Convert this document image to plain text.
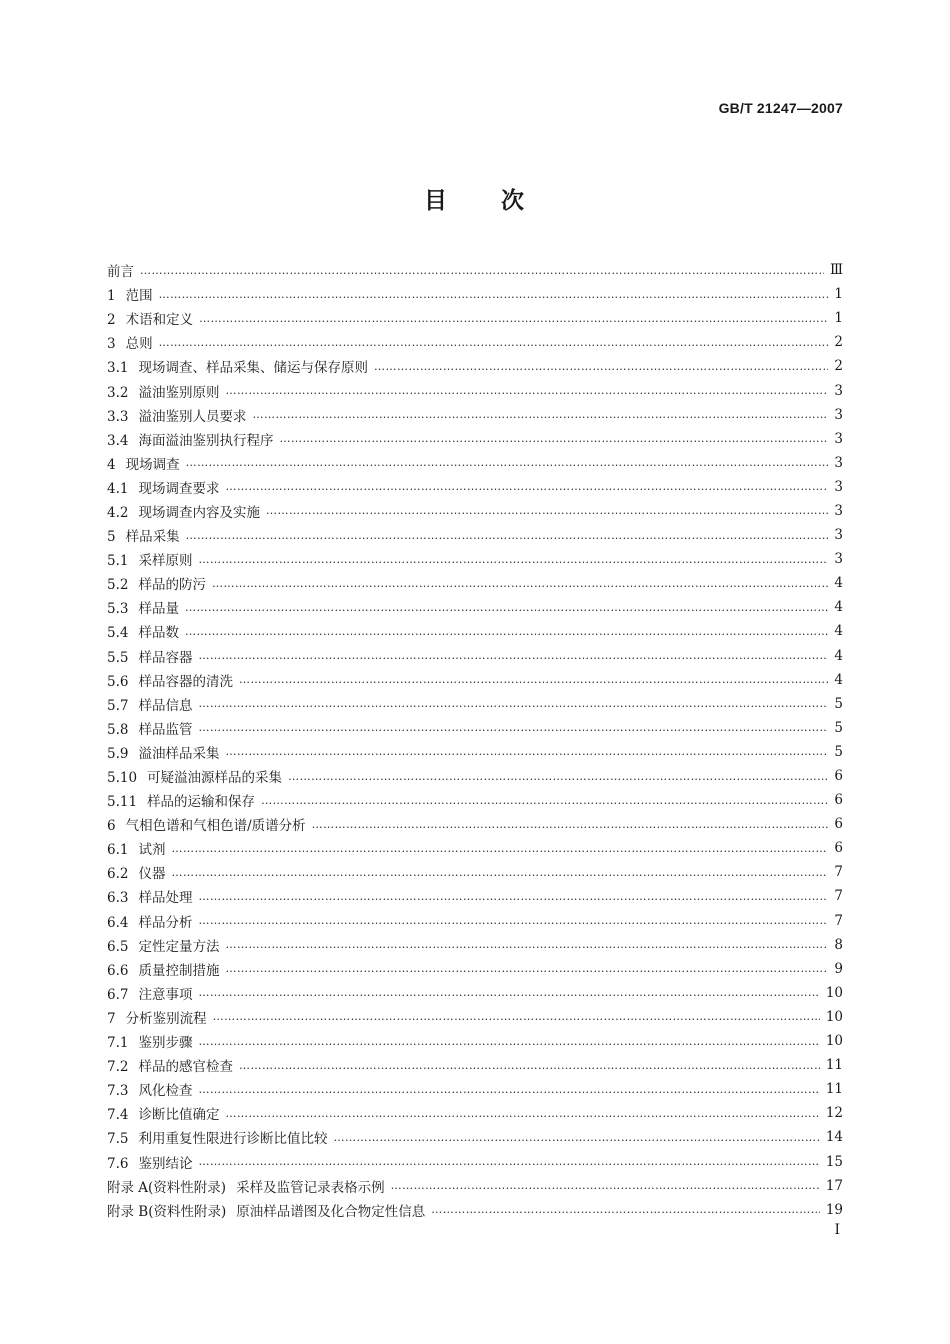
GB/T 21247—2007
目 次
前言 ……………………………………………………………………………………………………………………………………………………………………………………………………………………	Ⅲ
1 范围 ……………………………………………………………………………………………………………………………………………………………………………………………………………………	1
2 术语和定义 ……………………………………………………………………………………………………………………………………………………………………………………………………………………	1
3 总则 ……………………………………………………………………………………………………………………………………………………………………………………………………………………	2
3.1 现场调查、样品采集、储运与保存原则 ……………………………………………………………………………………………………………………………………………………………………………………………………………………	2
3.2 溢油鉴别原则 ……………………………………………………………………………………………………………………………………………………………………………………………………………………	3
3.3 溢油鉴别人员要求 ……………………………………………………………………………………………………………………………………………………………………………………………………………………	3
3.4 海面溢油鉴别执行程序 ……………………………………………………………………………………………………………………………………………………………………………………………………………………	3
4 现场调查 ……………………………………………………………………………………………………………………………………………………………………………………………………………………	3
4.1 现场调查要求 ……………………………………………………………………………………………………………………………………………………………………………………………………………………	3
4.2 现场调查内容及实施 ……………………………………………………………………………………………………………………………………………………………………………………………………………………	3
5 样品采集 ……………………………………………………………………………………………………………………………………………………………………………………………………………………	3
5.1 采样原则 ……………………………………………………………………………………………………………………………………………………………………………………………………………………	3
5.2 样品的防污 ……………………………………………………………………………………………………………………………………………………………………………………………………………………	4
5.3 样品量 ……………………………………………………………………………………………………………………………………………………………………………………………………………………	4
5.4 样品数 ……………………………………………………………………………………………………………………………………………………………………………………………………………………	4
5.5 样品容器 ……………………………………………………………………………………………………………………………………………………………………………………………………………………	4
5.6 样品容器的清洗 ……………………………………………………………………………………………………………………………………………………………………………………………………………………	4
5.7 样品信息 ……………………………………………………………………………………………………………………………………………………………………………………………………………………	5
5.8 样品监管 ……………………………………………………………………………………………………………………………………………………………………………………………………………………	5
5.9 溢油样品采集 ……………………………………………………………………………………………………………………………………………………………………………………………………………………	5
5.10 可疑溢油源样品的采集 ……………………………………………………………………………………………………………………………………………………………………………………………………………………	6
5.11 样品的运输和保存 ……………………………………………………………………………………………………………………………………………………………………………………………………………………	6
6 气相色谱和气相色谱/质谱分析 ……………………………………………………………………………………………………………………………………………………………………………………………………………………	6
6.1 试剂 ……………………………………………………………………………………………………………………………………………………………………………………………………………………	6
6.2 仪器 ……………………………………………………………………………………………………………………………………………………………………………………………………………………	7
6.3 样品处理 ……………………………………………………………………………………………………………………………………………………………………………………………………………………	7
6.4 样品分析 ……………………………………………………………………………………………………………………………………………………………………………………………………………………	7
6.5 定性定量方法 ……………………………………………………………………………………………………………………………………………………………………………………………………………………	8
6.6 质量控制措施 ……………………………………………………………………………………………………………………………………………………………………………………………………………………	9
6.7 注意事项 ……………………………………………………………………………………………………………………………………………………………………………………………………………………	10
7 分析鉴别流程 ……………………………………………………………………………………………………………………………………………………………………………………………………………………	10
7.1 鉴别步骤 ……………………………………………………………………………………………………………………………………………………………………………………………………………………	10
7.2 样品的感官检查 ……………………………………………………………………………………………………………………………………………………………………………………………………………………	11
7.3 风化检查 ……………………………………………………………………………………………………………………………………………………………………………………………………………………	11
7.4 诊断比值确定 ……………………………………………………………………………………………………………………………………………………………………………………………………………………	12
7.5 利用重复性限进行诊断比值比较 ……………………………………………………………………………………………………………………………………………………………………………………………………………………	14
7.6 鉴别结论 ……………………………………………………………………………………………………………………………………………………………………………………………………………………	15
附录 A(资料性附录) 采样及监管记录表格示例 ……………………………………………………………………………………………………………………………………………………………………………………………………………………	17
附录 B(资料性附录) 原油样品谱图及化合物定性信息 ……………………………………………………………………………………………………………………………………………………………………………………………………………………	19
I
